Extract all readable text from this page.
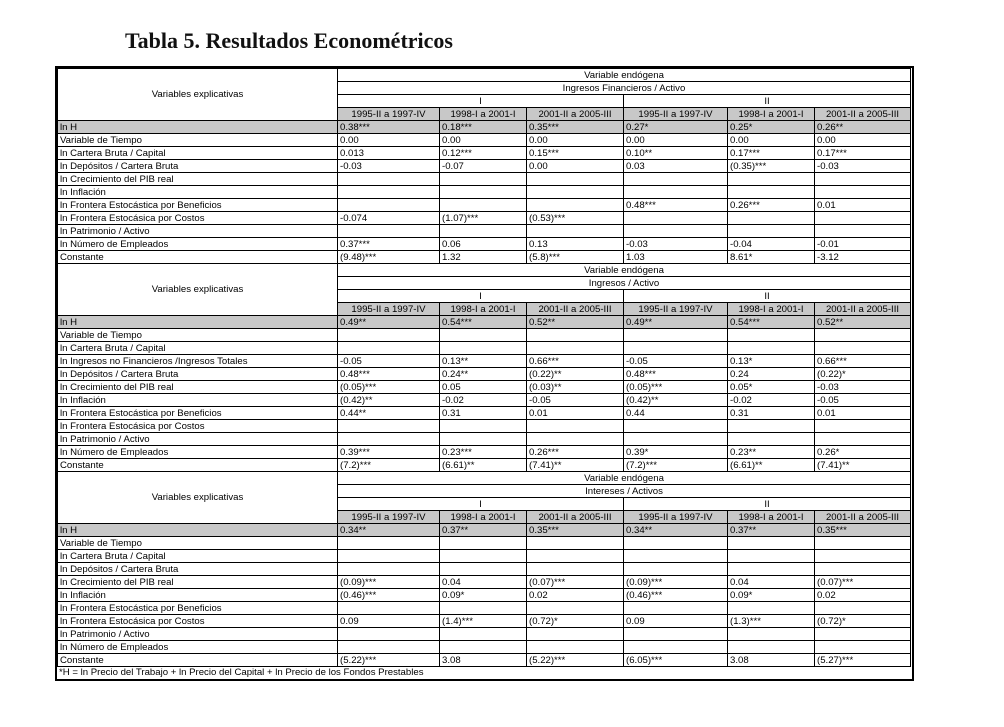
Tabla 5. Resultados Econométricos
Variables explicativas	Variable endógena					
	Ingresos Financieros / Activo					
	I			II		
	1995-II a 1997-IV	1998-I a 2001-I	2001-II a 2005-III	1995-II a 1997-IV	1998-I a 2001-I	2001-II a 2005-III
ln H	0.38***	0.18***	0.35***	0.27*	0.25*	0.26**
Variable de Tiempo	0.00	0.00	0.00	0.00	0.00	0.00
ln Cartera Bruta / Capital	0.013	0.12***	0.15***	0.10**	0.17***	0.17***
ln Depósitos / Cartera Bruta	-0.03	-0.07	0.00	0.03	(0.35)***	-0.03
ln Crecimiento del PIB real						
ln Inflación						
ln Frontera Estocástica por Beneficios				0.48***	0.26***	0.01
ln Frontera Estocásica por Costos	-0.074	(1.07)***	(0.53)***			
ln Patrimonio / Activo						
ln Número de Empleados	0.37***	0.06	0.13	-0.03	-0.04	-0.01
Constante	(9.48)***	1.32	(5.8)***	1.03	8.61*	-3.12
Variables explicativas	Variable endógena					
	Ingresos / Activo					
	I			II		
	1995-II a 1997-IV	1998-I a 2001-I	2001-II a 2005-III	1995-II a 1997-IV	1998-I a 2001-I	2001-II a 2005-III
ln H	0.49**	0.54***	0.52**	0.49**	0.54***	0.52**
Variable de Tiempo						
ln Cartera Bruta / Capital						
ln Ingresos no Financieros /Ingresos Totales	-0.05	0.13**	0.66***	-0.05	0.13*	0.66***
ln Depósitos / Cartera Bruta	0.48***	0.24**	(0.22)**	0.48***	0.24	(0.22)*
ln Crecimiento del PIB real	(0.05)***	0.05	(0.03)**	(0.05)***	0.05*	-0.03
ln Inflación	(0.42)**	-0.02	-0.05	(0.42)**	-0.02	-0.05
ln Frontera Estocástica por Beneficios	0.44**	0.31	0.01	0.44	0.31	0.01
ln Frontera Estocásica por Costos						
ln Patrimonio / Activo						
ln Número de Empleados	0.39***	0.23***	0.26***	0.39*	0.23**	0.26*
Constante	(7.2)***	(6.61)**	(7.41)**	(7.2)***	(6.61)**	(7.41)**
Variables explicativas	Variable endógena					
	Intereses / Activos					
	I			II		
	1995-II a 1997-IV	1998-I a 2001-I	2001-II a 2005-III	1995-II a 1997-IV	1998-I a 2001-I	2001-II a 2005-III
ln H	0.34**	0.37**	0.35***	0.34**	0.37**	0.35***
Variable de Tiempo						
ln Cartera Bruta / Capital						
ln Depósitos / Cartera Bruta						
ln Crecimiento del PIB real	(0.09)***	0.04	(0.07)***	(0.09)***	0.04	(0.07)***
ln Inflación	(0.46)***	0.09*	0.02	(0.46)***	0.09*	0.02
ln Frontera Estocástica por Beneficios						
ln Frontera Estocásica por Costos	0.09	(1.4)***	(0.72)*	0.09	(1.3)***	(0.72)*
ln Patrimonio / Activo						
ln Número de Empleados						
Constante	(5.22)***	3.08	(5.22)***	(6.05)***	3.08	(5.27)***
*H = ln Precio del Trabajo + ln Precio del Capital + ln Precio de los Fondos Prestables
